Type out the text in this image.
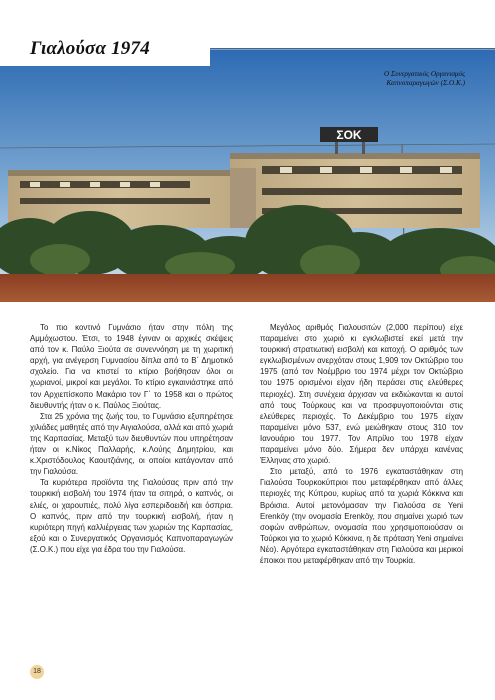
ΣΟΚ
Γιαλούσα 1974
Ο Συνεργατικός Οργανισμός
Καπνοπαραγωγών (Σ.Ο.Κ.)

Το πιο κοντινό Γυμνάσιο ήταν στην πόλη της Αμμόχωστου. Έτσι, το 1948 έγιναν οι αρχικές σκέψεις από τον κ. Παύλο Ξιούτα σε συνεννόηση με τη χωριτική αρχή, για ανέγερση Γυμνασίου δίπλα από το Β΄ Δημοτικό σχολείο. Για να κτιστεί το κτίριο βοήθησαν όλοι οι χωριανοί, μικροί και μεγάλοι. Το κτίριο εγκαινιάστηκε από τον Αρχιεπίσκοπο Μακάριο τον Γ΄ το 1958 και ο πρώτος διευθυντής ήταν ο κ. Παύλος Ξιούτας.

Στα 25 χρόνια της ζωής του, το Γυμνάσιο εξυπηρέτησε χιλιάδες μαθητές από την Αιγιαλούσα, αλλά και από χωριά της Καρπασίας. Μεταξύ των διευθυντών που υπηρέτησαν ήταν οι κ.Νίκος Παλλαρής, κ.Λούης Δημητρίου, και κ.Χριστόδουλος Καουτζιάνης, οι οποίοι κατάγονταν από την Γιαλούσα.

Τα κυριότερα προϊόντα της Γιαλούσας πριν από την τουρκική εισβολή του 1974 ήταν τα σιτηρά, ο καπνός, οι ελιές, οι χαρουπιές, πολύ λίγα εσπεριδοειδή και όσπρια. Ο καπνός, πριν από την τουρκική εισβολή, ήταν η κυριότερη πηγή καλλιέργειας των χωριών της Καρπασίας, εξού και ο Συνεργατικός Οργανισμός Καπνοπαραγωγών (Σ.Ο.Κ.) που είχε για έδρα του την Γιαλούσα.

Μεγάλος αριθμός Γιαλουσιτών (2,000 περίπου) είχε παραμείνει στο χωριό κι εγκλωβιστεί εκεί μετά την τουρκική στρατιωτική εισβολή και κατοχή. Ο αριθμός των εγκλωβισμένων ανερχόταν στους 1,909 τον Οκτώβριο του 1975 (από τον Νοέμβριο του 1974 μέχρι τον Οκτώβριο του 1975 ορισμένοι είχαν ήδη περάσει στις ελεύθερες περιοχές). Στη συνέχεια άρχισαν να εκδιώκονται κι αυτοί από τους Τούρκους και να προσφυγοποιούνται στις ελεύθερες περιοχές. Το Δεκέμβριο του 1975 είχαν παραμείνει μόνο 537, ενώ μειώθηκαν στους 310 τον Ιανουάριο του 1977. Τον Απρίλιο του 1978 είχαν παραμείνει μόνο δύο. Σήμερα δεν υπάρχει κανένας Έλληνας στο χωριό.

Στο μεταξύ, από το 1976 εγκαταστάθηκαν στη Γιαλούσα Τουρκοκύπριοι που μεταφέρθηκαν από άλλες περιοχές της Κύπρου, κυρίως από τα χωριά Κόκκινα και Βρόισια. Αυτοί μετονόμασαν την Γιαλούσα σε Yeni Erenköy (την ονομασία Erenköy, που σημαίνει χωριό των σοφών ανθρώπων, ονομασία που χρησιμοποιούσαν οι Τούρκοι για το χωριό Κόκκινα, η δε πρόταση Yeni σημαίνει Νέο). Αργότερα εγκαταστάθηκαν στη Γιαλούσα και μερικοί έποικοι που μεταφέρθηκαν από την Τουρκία.

18
